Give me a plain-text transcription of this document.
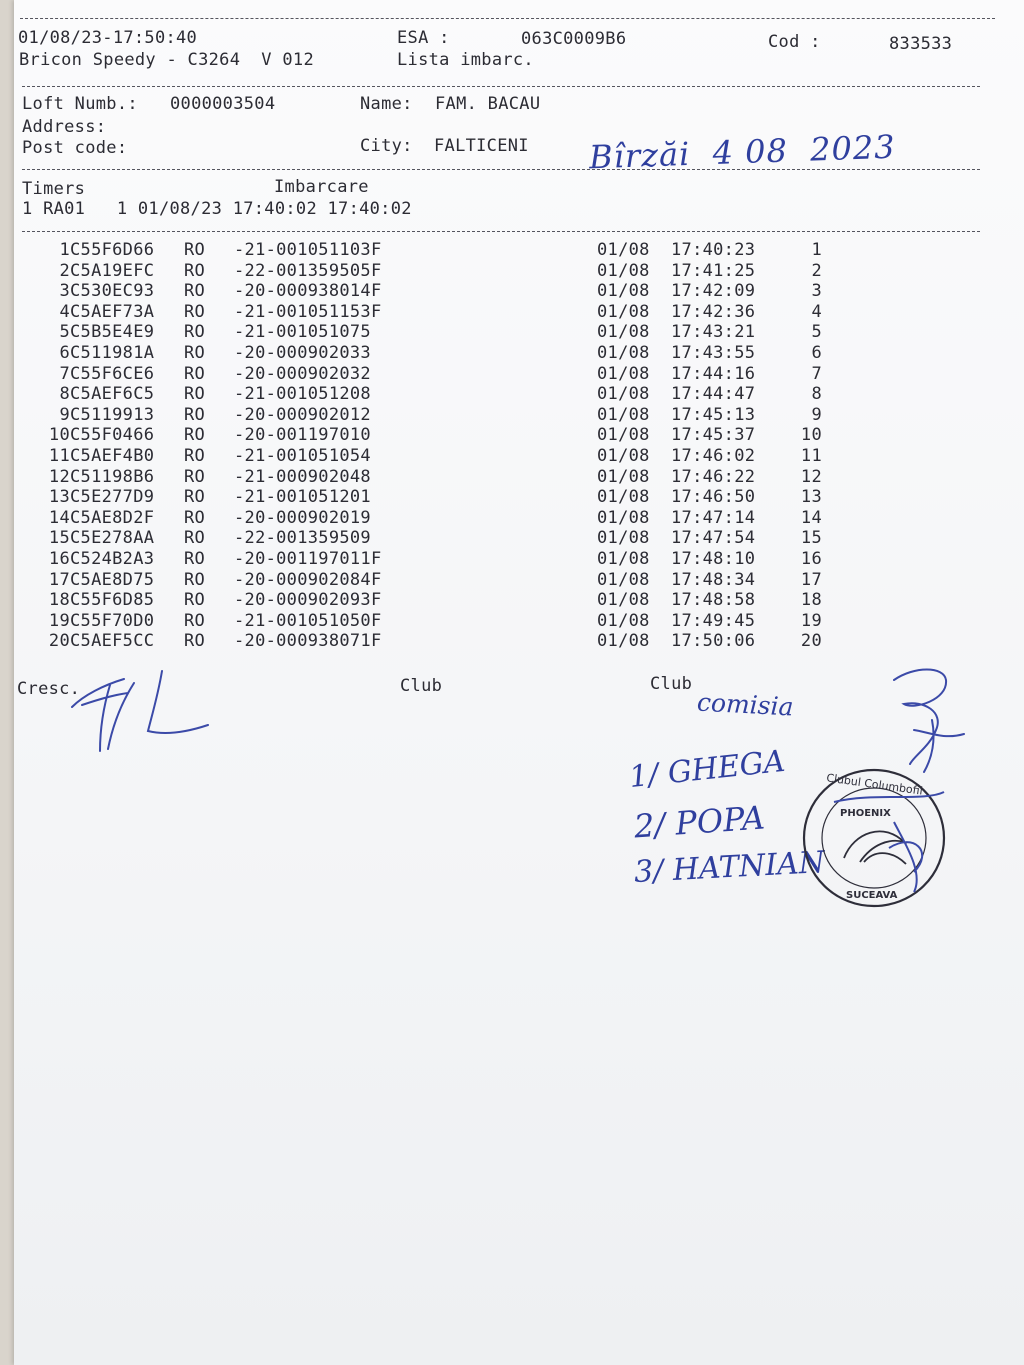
01/08/23-17:50:40	ESA :	063C0009B6	Cod :	833533
Bricon Speedy - C3264  V 012	Lista imbarc.
Loft Numb.: 0000003504	Name: FAM. BACAU
Address:
Post code:	City: FALTICENI
Timers	Imbarcare
1 RA01   1 01/08/23 17:40:02 17:40:02
1 C55F6D66 RO -21-001051103F	01/08 17:40:23	1
2 C5A19EFC RO -22-001359505F	01/08 17:41:25	2
3 C530EC93 RO -20-000938014F	01/08 17:42:09	3
4 C5AEF73A RO -21-001051153F	01/08 17:42:36	4
5 C5B5E4E9 RO -21-001051075	01/08 17:43:21	5
6 C511981A RO -20-000902033	01/08 17:43:55	6
7 C55F6CE6 RO -20-000902032	01/08 17:44:16	7
8 C5AEF6C5 RO -21-001051208	01/08 17:44:47	8
9 C5119913 RO -20-000902012	01/08 17:45:13	9
10 C55F0466 RO -20-001197010	01/08 17:45:37	10
11 C5AEF4B0 RO -21-001051054	01/08 17:46:02	11
12 C51198B6 RO -21-000902048	01/08 17:46:22	12
13 C5E277D9 RO -21-001051201	01/08 17:46:50	13
14 C5AE8D2F RO -20-000902019	01/08 17:47:14	14
15 C5E278AA RO -22-001359509	01/08 17:47:54	15
16 C524B2A3 RO -20-001197011F	01/08 17:48:10	16
17 C5AE8D75 RO -20-000902084F	01/08 17:48:34	17
18 C55F6D85 RO -20-000902093F	01/08 17:48:58	18
19 C55F70D0 RO -21-001051050F	01/08 17:49:45	19
20 C5AEF5CC RO -20-000938071F	01/08 17:50:06	20
Cresc.	Club	Club
Bîrzăi  4 08  2023
comisia
1/ GHEGA
2/ POPA
3/ HATNIAN
Clubul Columbofil
PHOENIX
SUCEAVA
